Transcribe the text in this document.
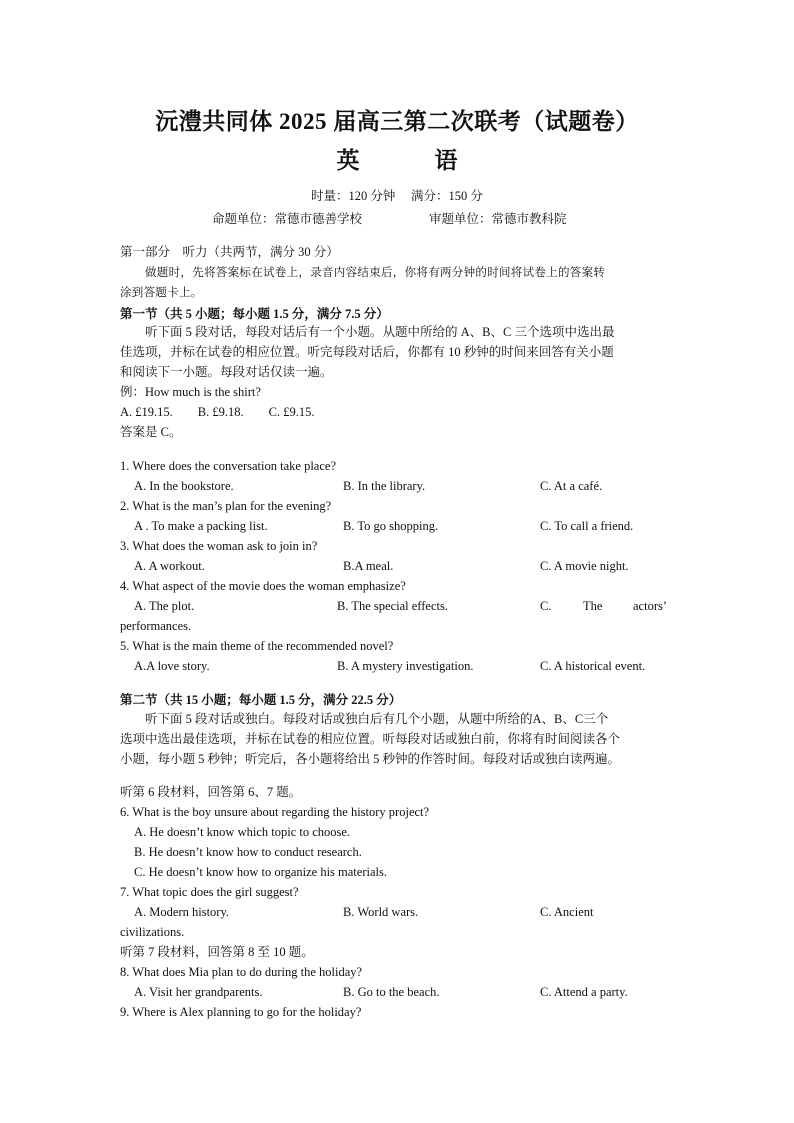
沅澧共同体 2025 届高三第二次联考（试题卷）
英　语
时量：120 分钟　 满分：150 分
命题单位：常德市德善学校	审题单位：常德市教科院
第一部分　听力（共两节，满分 30 分）
做题时，先将答案标在试卷上，录音内容结束后，你将有两分钟的时间将试卷上的答案转
涂到答题卡上。
第一节（共 5 小题；每小题 1.5 分，满分 7.5 分）
听下面 5 段对话，每段对话后有一个小题。从题中所给的 A、B、C 三个选项中选出最
佳选项，并标在试卷的相应位置。听完每段对话后，你都有 10 秒钟的时间来回答有关小题
和阅读下一小题。每段对话仅读一遍。
例：How much is the shirt?
A. £19.15.　　B. £9.18.　　C. £9.15.
答案是 C。
1. Where does the conversation take place?
A. In the bookstore.	B. In the library.	C. At a café.
2. What is the man’s plan for the evening?
A . To make a packing list.	B. To go shopping.	C. To call a friend.
3. What does the woman ask to join in?
A. A workout.	B.A meal.	C. A movie night.
4. What aspect of the movie does the woman emphasize?
A. The plot.	B. The special effects.	C.	The actors’
performances.
5. What is the main theme of the recommended novel?
A.A love story.	B. A mystery investigation.	C. A historical event.
第二节（共 15 小题；每小题 1.5 分，满分 22.5 分）
听下面 5 段对话或独白。每段对话或独白后有几个小题，从题中所给的A、B、C三个
选项中选出最佳选项，并标在试卷的相应位置。听每段对话或独白前，你将有时间阅读各个
小题，每小题 5 秒钟；听完后，各小题将给出 5 秒钟的作答时间。每段对话或独白读两遍。
听第 6 段材料，回答第 6、7 题。
6. What is the boy unsure about regarding the history project?
A. He doesn’t know which topic to choose.
B. He doesn’t know how to conduct research.
C. He doesn’t know how to organize his materials.
7. What topic does the girl suggest?
A. Modern history.	B. World wars.	C. Ancient
civilizations.
听第 7 段材料，回答第 8 至 10 题。
8. What does Mia plan to do during the holiday?
A. Visit her grandparents.	B. Go to the beach.	C. Attend a party.
9. Where is Alex planning to go for the holiday?
